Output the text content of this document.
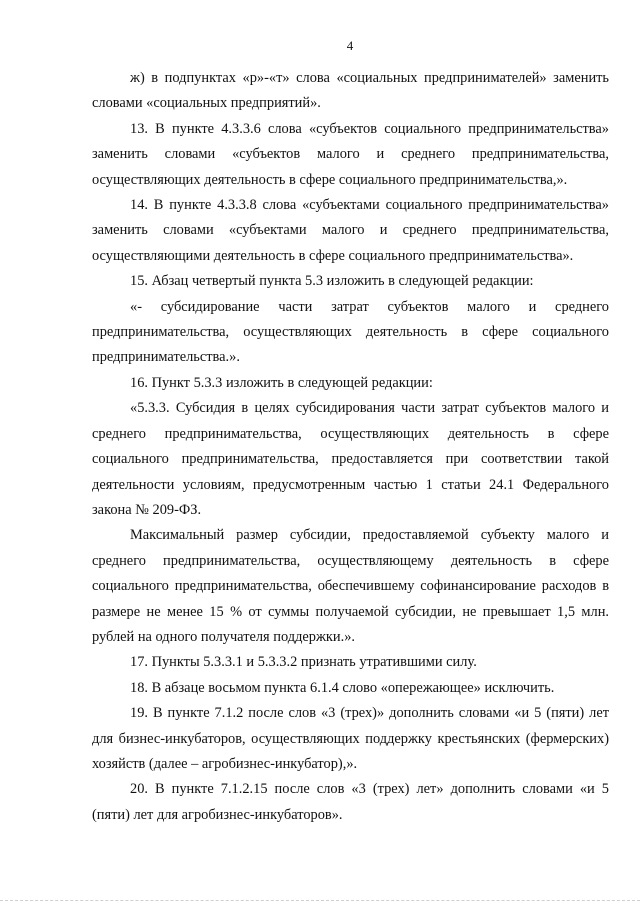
4

ж) в подпунктах «р»-«т» слова «социальных предпринимателей» заменить словами «социальных предприятий».

13. В пункте 4.3.3.6 слова «субъектов социального предпринимательства» заменить словами «субъектов малого и среднего предпринимательства, осуществляющих деятельность в сфере социального предпринимательства,».

14. В пункте 4.3.3.8 слова «субъектами социального предпринимательства» заменить словами «субъектами малого и среднего предпринимательства, осуществляющими деятельность в сфере социального предпринимательства».

15. Абзац четвертый пункта 5.3 изложить в следующей редакции:

«- субсидирование части затрат субъектов малого и среднего предпринимательства, осуществляющих деятельность в сфере социального предпринимательства.».

16. Пункт 5.3.3 изложить в следующей редакции:

«5.3.3. Субсидия в целях субсидирования части затрат субъектов малого и среднего предпринимательства, осуществляющих деятельность в сфере социального предпринимательства, предоставляется при соответствии такой деятельности условиям, предусмотренным частью 1 статьи 24.1 Федерального закона № 209-ФЗ.

Максимальный размер субсидии, предоставляемой субъекту малого и среднего предпринимательства, осуществляющему деятельность в сфере социального предпринимательства, обеспечившему софинансирование расходов в размере не менее 15 % от суммы получаемой субсидии, не превышает 1,5 млн. рублей на одного получателя поддержки.».

17. Пункты 5.3.3.1 и 5.3.3.2 признать утратившими силу.

18. В абзаце восьмом пункта 6.1.4 слово «опережающее» исключить.

19. В пункте 7.1.2 после слов «3 (трех)» дополнить словами «и 5 (пяти) лет для бизнес-инкубаторов, осуществляющих поддержку крестьянских (фермерских) хозяйств (далее – агробизнес-инкубатор),».

20. В пункте 7.1.2.15 после слов «3 (трех) лет» дополнить словами «и 5 (пяти) лет для агробизнес-инкубаторов».
